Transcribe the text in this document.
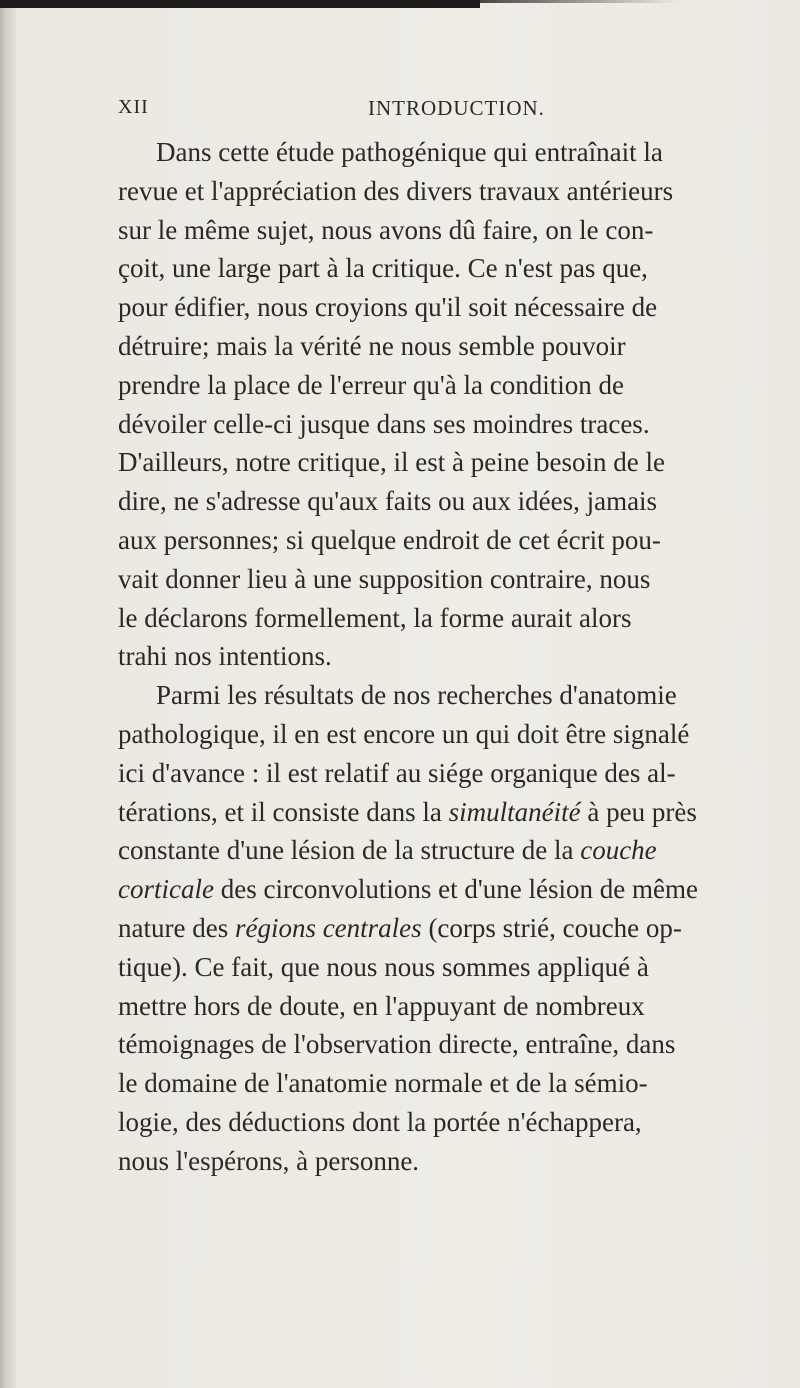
XII	INTRODUCTION.
Dans cette étude pathogénique qui entraînait la
revue et l'appréciation des divers travaux antérieurs
sur le même sujet, nous avons dû faire, on le con-
çoit, une large part à la critique. Ce n'est pas que,
pour édifier, nous croyions qu'il soit nécessaire de
détruire; mais la vérité ne nous semble pouvoir
prendre la place de l'erreur qu'à la condition de
dévoiler celle-ci jusque dans ses moindres traces.
D'ailleurs, notre critique, il est à peine besoin de le
dire, ne s'adresse qu'aux faits ou aux idées, jamais
aux personnes; si quelque endroit de cet écrit pou-
vait donner lieu à une supposition contraire, nous
le déclarons formellement, la forme aurait alors
trahi nos intentions.
Parmi les résultats de nos recherches d'anatomie
pathologique, il en est encore un qui doit être signalé
ici d'avance : il est relatif au siége organique des al-
térations, et il consiste dans la simultanéité à peu près
constante d'une lésion de la structure de la couche
corticale des circonvolutions et d'une lésion de même
nature des régions centrales (corps strié, couche op-
tique). Ce fait, que nous nous sommes appliqué à
mettre hors de doute, en l'appuyant de nombreux
témoignages de l'observation directe, entraîne, dans
le domaine de l'anatomie normale et de la sémio-
logie, des déductions dont la portée n'échappera,
nous l'espérons, à personne.
